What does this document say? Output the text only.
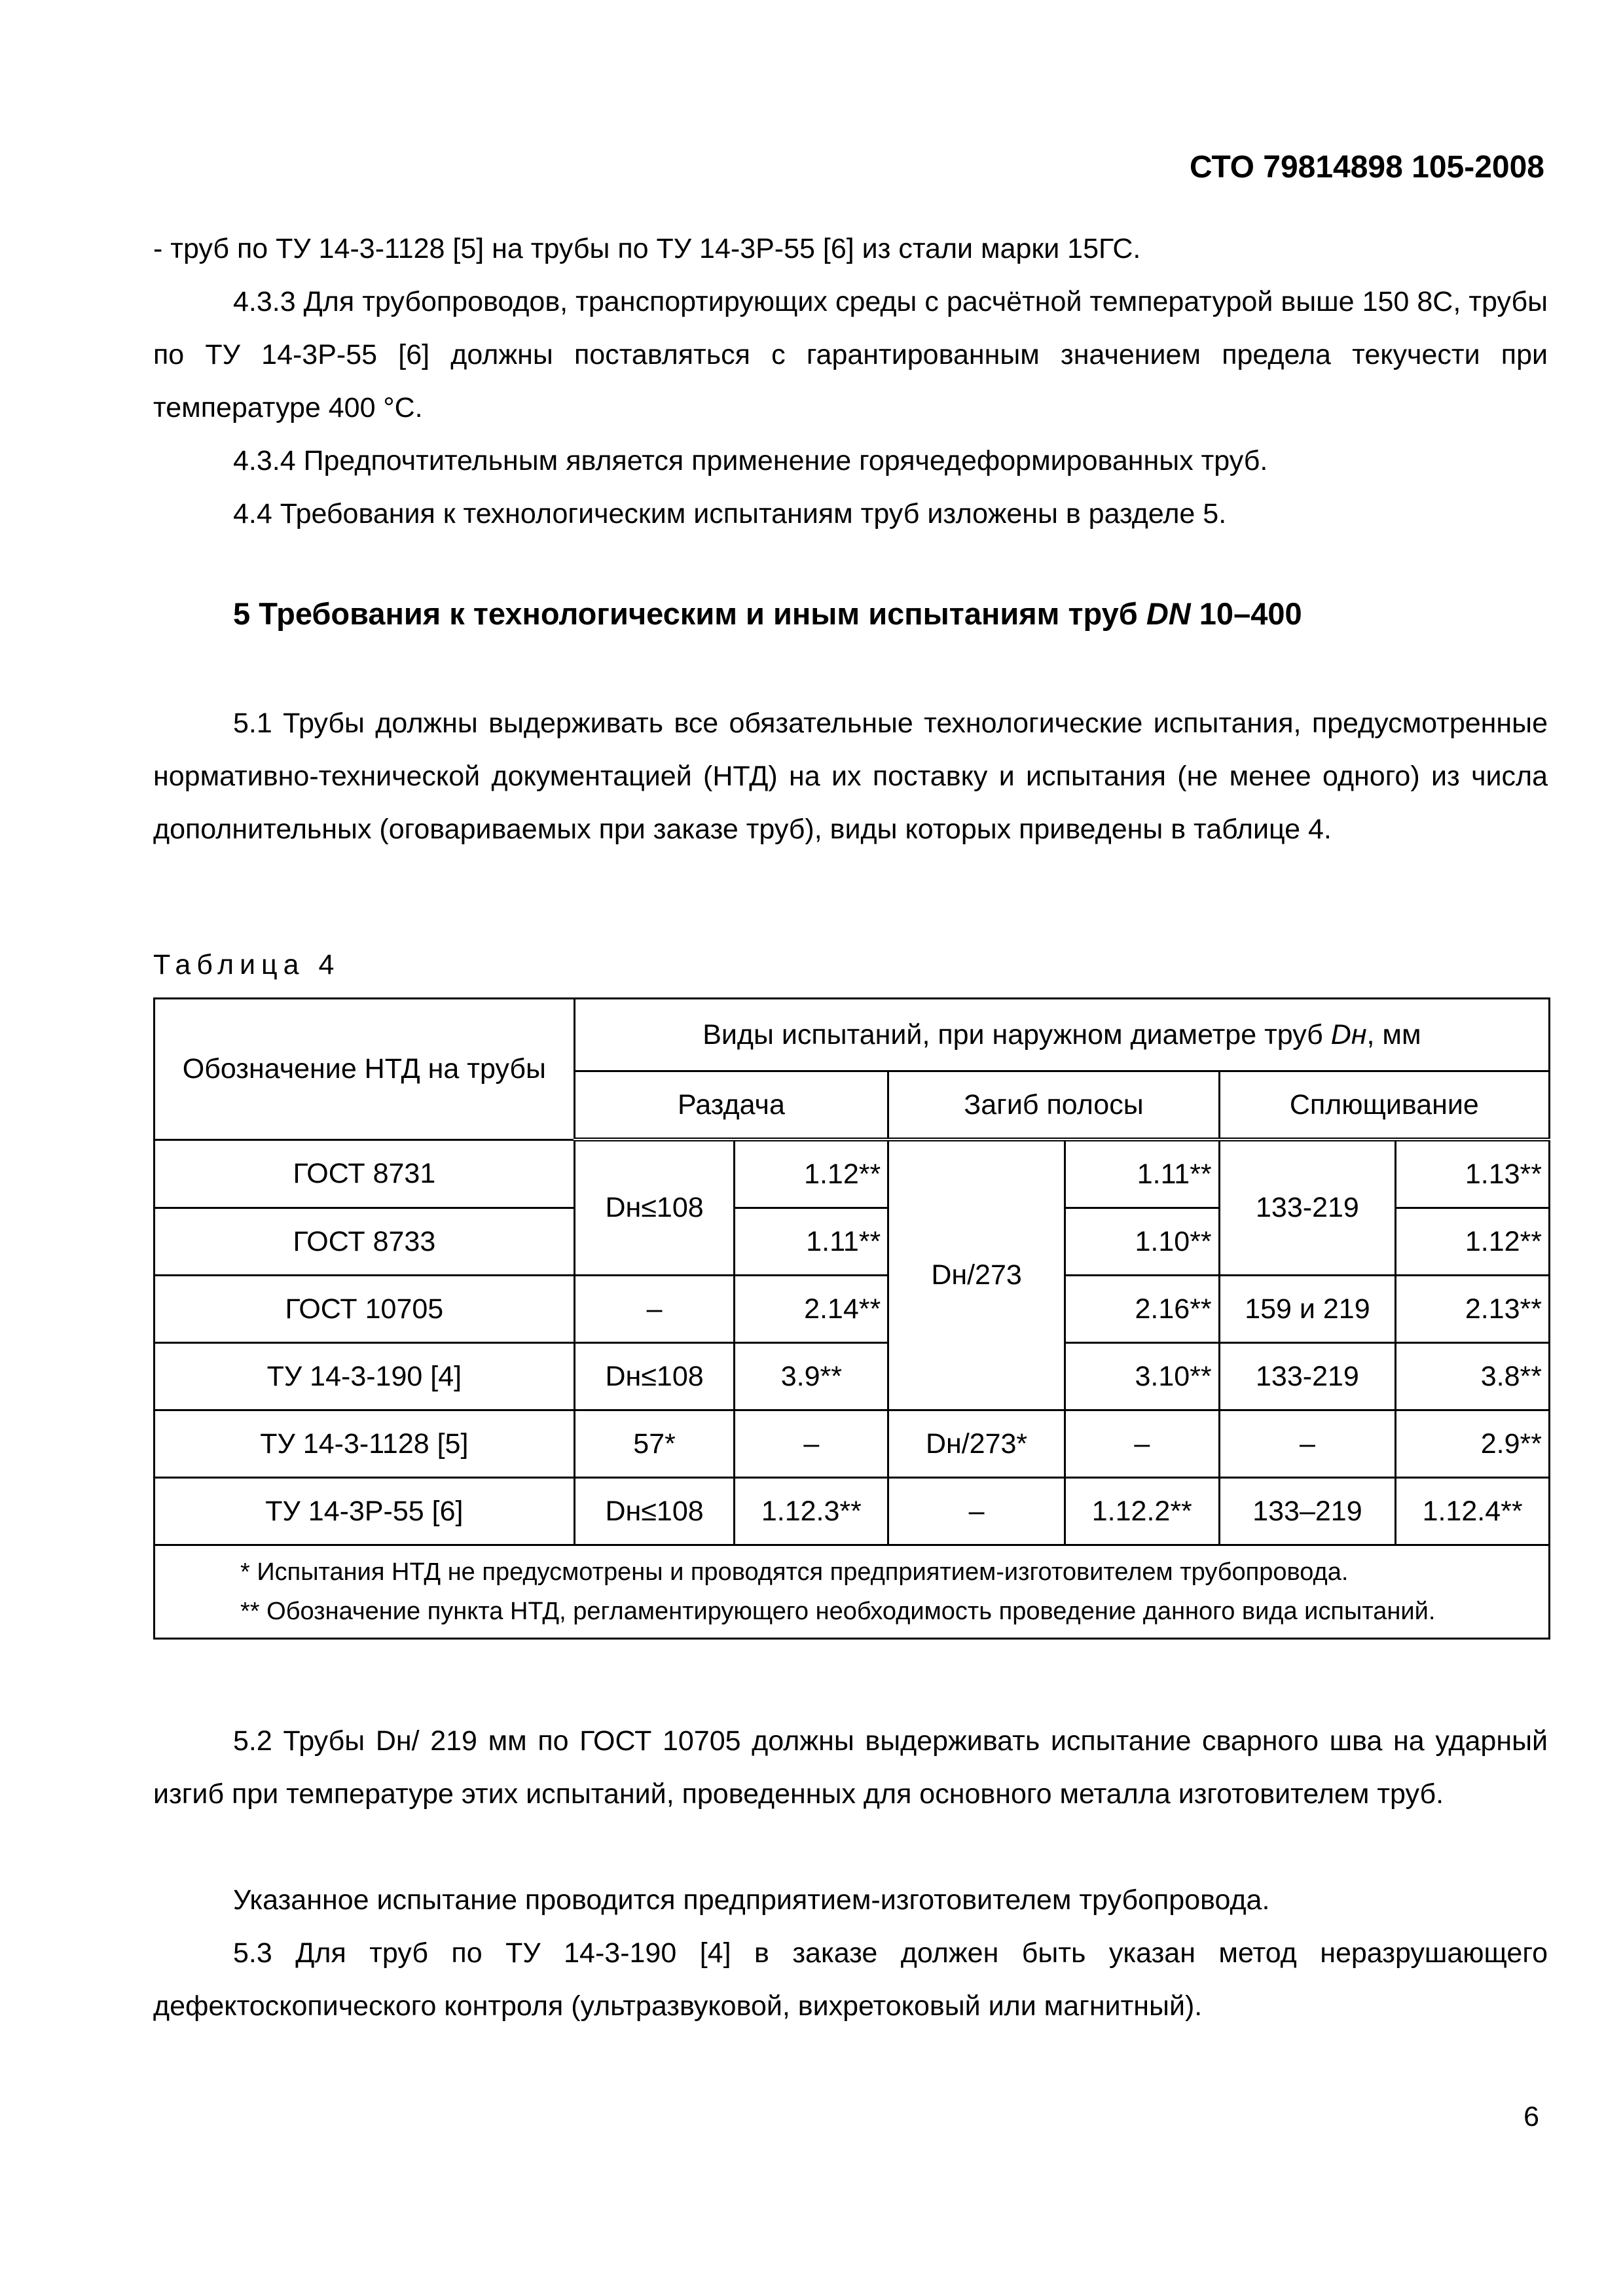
СТО 79814898 105-2008

- труб по ТУ 14-3-1128 [5] на трубы по ТУ 14-3Р-55 [6] из стали марки 15ГС.

4.3.3 Для трубопроводов, транспортирующих среды с расчётной температурой выше 150 8С, трубы по ТУ 14-3Р-55 [6] должны поставляться с гарантированным значением предела текучести при температуре 400 °С.

4.3.4 Предпочтительным является применение горячедеформированных труб.

4.4 Требования к технологическим испытаниям труб изложены в разделе 5.

5 Требования к технологическим и иным испытаниям труб DN 10–400

5.1 Трубы должны выдерживать все обязательные технологические испытания, предусмотренные нормативно-технической документацией (НТД) на их поставку и испытания (не менее одного) из числа дополнительных (оговариваемых при заказе труб), виды которых приведены в таблице 4.

Таблица 4
Обозначение НТД на трубы	Виды испытаний, при наружном диаметре труб Dн, мм					
	Раздача		Загиб полосы		Сплющивание	
ГОСТ 8731	Dн≤108	1.12**	Dн/273	1.11**	133-219	1.13**
ГОСТ 8733		1.11**		1.10**		1.12**
ГОСТ 10705	–	2.14**		2.16**	159 и 219	2.13**
ТУ 14-3-190 [4]	Dн≤108	3.9**		3.10**	133-219	3.8**
ТУ 14-3-1128 [5]	57*	–	Dн/273*	–	–	2.9**
ТУ 14-3Р-55 [6]	Dн≤108	1.12.3**	–	1.12.2**	133–219	1.12.4**

* Испытания НТД не предусмотрены и проводятся предприятием-изготовителем трубопровода.
** Обозначение пункта НТД, регламентирующего необходимость проведение данного вида испытаний.						

5.2 Трубы Dн/ 219 мм по ГОСТ 10705 должны выдерживать испытание сварного шва на ударный изгиб при температуре этих испытаний, проведенных для основного металла изготовителем труб.

Указанное испытание проводится предприятием-изготовителем трубопровода.

5.3 Для труб по ТУ 14-3-190 [4] в заказе должен быть указан метод неразрушающего дефектоскопического контроля (ультразвуковой, вихретоковый или магнитный).

6
